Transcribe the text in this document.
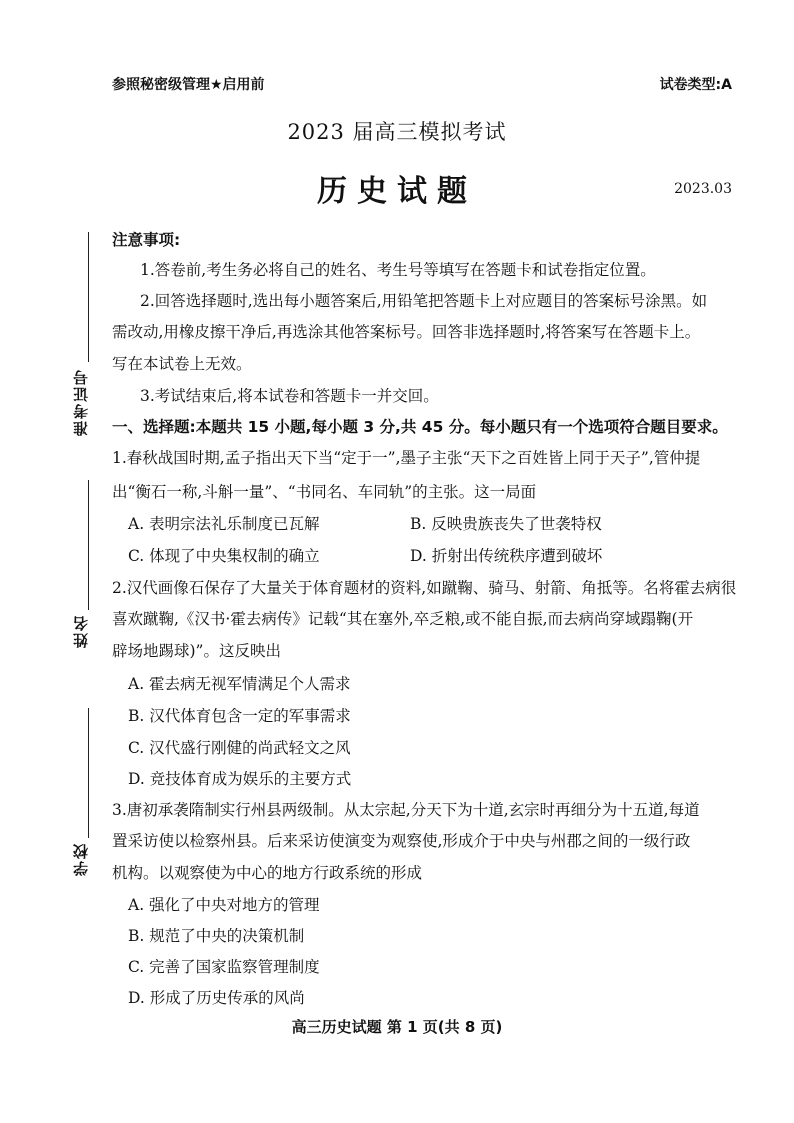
参照秘密级管理★启用前	试卷类型:A
2023 届高三模拟考试
历史试题	2023.03
准考证号
姓名
学校
注意事项:
1.答卷前,考生务必将自己的姓名、考生号等填写在答题卡和试卷指定位置。
2.回答选择题时,选出每小题答案后,用铅笔把答题卡上对应题目的答案标号涂黑。如
需改动,用橡皮擦干净后,再选涂其他答案标号。回答非选择题时,将答案写在答题卡上。
写在本试卷上无效。
3.考试结束后,将本试卷和答题卡一并交回。
一、选择题:本题共 15 小题,每小题 3 分,共 45 分。每小题只有一个选项符合题目要求。
1.春秋战国时期,孟子指出天下当“定于一”,墨子主张“天下之百姓皆上同于天子”,管仲提
出“衡石一称,斗斛一量”、“书同名、车同轨”的主张。这一局面
A. 表明宗法礼乐制度已瓦解	B. 反映贵族丧失了世袭特权
C. 体现了中央集权制的确立	D. 折射出传统秩序遭到破坏
2.汉代画像石保存了大量关于体育题材的资料,如蹴鞠、骑马、射箭、角抵等。名将霍去病很
喜欢蹴鞠,《汉书·霍去病传》记载“其在塞外,卒乏粮,或不能自振,而去病尚穿域蹋鞠(开
辟场地踢球)”。这反映出
A. 霍去病无视军情满足个人需求
B. 汉代体育包含一定的军事需求
C. 汉代盛行刚健的尚武轻文之风
D. 竞技体育成为娱乐的主要方式
3.唐初承袭隋制实行州县两级制。从太宗起,分天下为十道,玄宗时再细分为十五道,每道
置采访使以检察州县。后来采访使演变为观察使,形成介于中央与州郡之间的一级行政
机构。以观察使为中心的地方行政系统的形成
A. 强化了中央对地方的管理
B. 规范了中央的决策机制
C. 完善了国家监察管理制度
D. 形成了历史传承的风尚
高三历史试题 第 1 页(共 8 页)
